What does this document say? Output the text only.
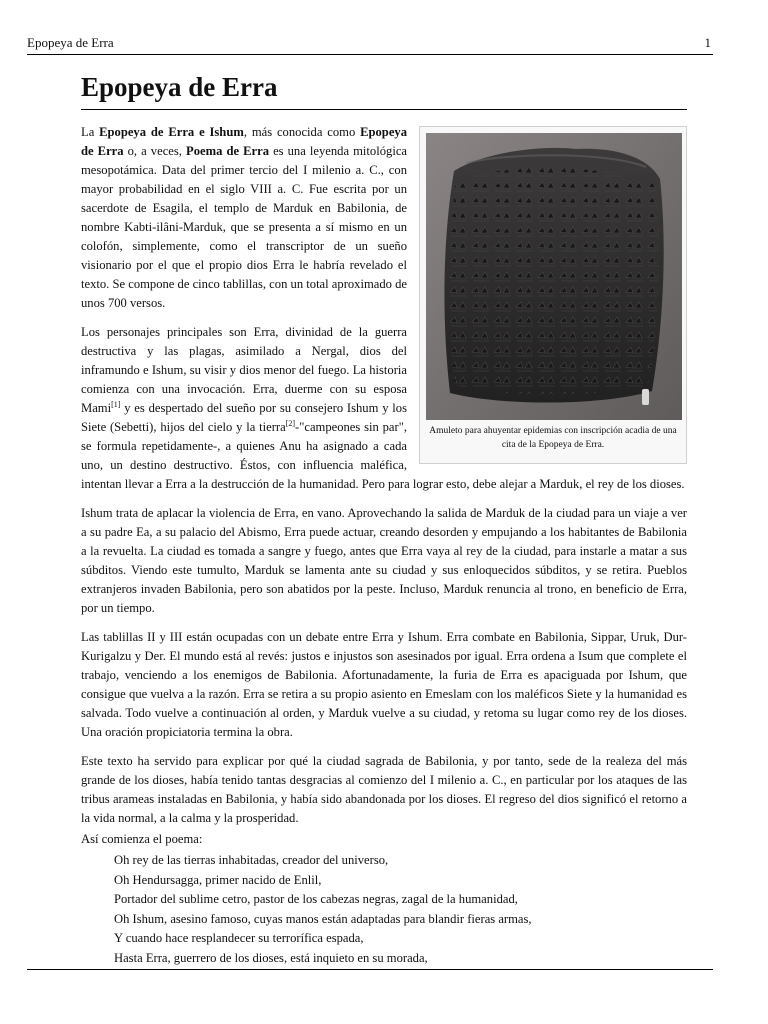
Epopeya de Erra	1
Epopeya de Erra
Amuleto para ahuyentar epidemias con inscripción acadia de una cita de la Epopeya de Erra.

La Epopeya de Erra e Ishum, más conocida como Epopeya de Erra o, a veces, Poema de Erra es una leyenda mitológica mesopotámica. Data del primer tercio del I milenio a. C., con mayor probabilidad en el siglo VIII a. C. Fue escrita por un sacerdote de Esagila, el templo de Marduk en Babilonia, de nombre Kabti-ilâni-Marduk, que se presenta a sí mismo en un colofón, simplemente, como el transcriptor de un sueño visionario por el que el propio dios Erra le habría revelado el texto. Se compone de cinco tablillas, con un total aproximado de unos 700 versos.

Los personajes principales son Erra, divinidad de la guerra destructiva y las plagas, asimilado a Nergal, dios del inframundo e Ishum, su visir y dios menor del fuego. La historia comienza con una invocación. Erra, duerme con su esposa Mami[1] y es despertado del sueño por su consejero Ishum y los Siete (Sebetti), hijos del cielo y la tierra[2]-"campeones sin par", se formula repetidamente-, a quienes Anu ha asignado a cada uno, un destino destructivo. Éstos, con influencia maléfica, intentan llevar a Erra a la destrucción de la humanidad. Pero para lograr esto, debe alejar a Marduk, el rey de los dioses.

Ishum trata de aplacar la violencia de Erra, en vano. Aprovechando la salida de Marduk de la ciudad para un viaje a ver a su padre Ea, a su palacio del Abismo, Erra puede actuar, creando desorden y empujando a los habitantes de Babilonia a la revuelta. La ciudad es tomada a sangre y fuego, antes que Erra vaya al rey de la ciudad, para instarle a matar a sus súbditos. Viendo este tumulto, Marduk se lamenta ante su ciudad y sus enloquecidos súbditos, y se retira. Pueblos extranjeros invaden Babilonia, pero son abatidos por la peste. Incluso, Marduk renuncia al trono, en beneficio de Erra, por un tiempo.

Las tablillas II y III están ocupadas con un debate entre Erra y Ishum. Erra combate en Babilonia, Sippar, Uruk, Dur-Kurigalzu y Der. El mundo está al revés: justos e injustos son asesinados por igual. Erra ordena a Isum que complete el trabajo, venciendo a los enemigos de Babilonia. Afortunadamente, la furia de Erra es apaciguada por Ishum, que consigue que vuelva a la razón. Erra se retira a su propio asiento en Emeslam con los maléficos Siete y la humanidad es salvada. Todo vuelve a continuación al orden, y Marduk vuelve a su ciudad, y retoma su lugar como rey de los dioses. Una oración propiciatoria termina la obra.

Este texto ha servido para explicar por qué la ciudad sagrada de Babilonia, y por tanto, sede de la realeza del más grande de los dioses, había tenido tantas desgracias al comienzo del I milenio a. C., en particular por los ataques de las tribus arameas instaladas en Babilonia, y había sido abandonada por los dioses. El regreso del dios significó el retorno a la vida normal, a la calma y la prosperidad.

Así comienza el poema:

Oh rey de las tierras inhabitadas, creador del universo,
Oh Hendursagga, primer nacido de Enlil,
Portador del sublime cetro, pastor de los cabezas negras, zagal de la humanidad,
Oh Ishum, asesino famoso, cuyas manos están adaptadas para blandir fieras armas,
Y cuando hace resplandecer su terrorífica espada,
Hasta Erra, guerrero de los dioses, está inquieto en su morada,
